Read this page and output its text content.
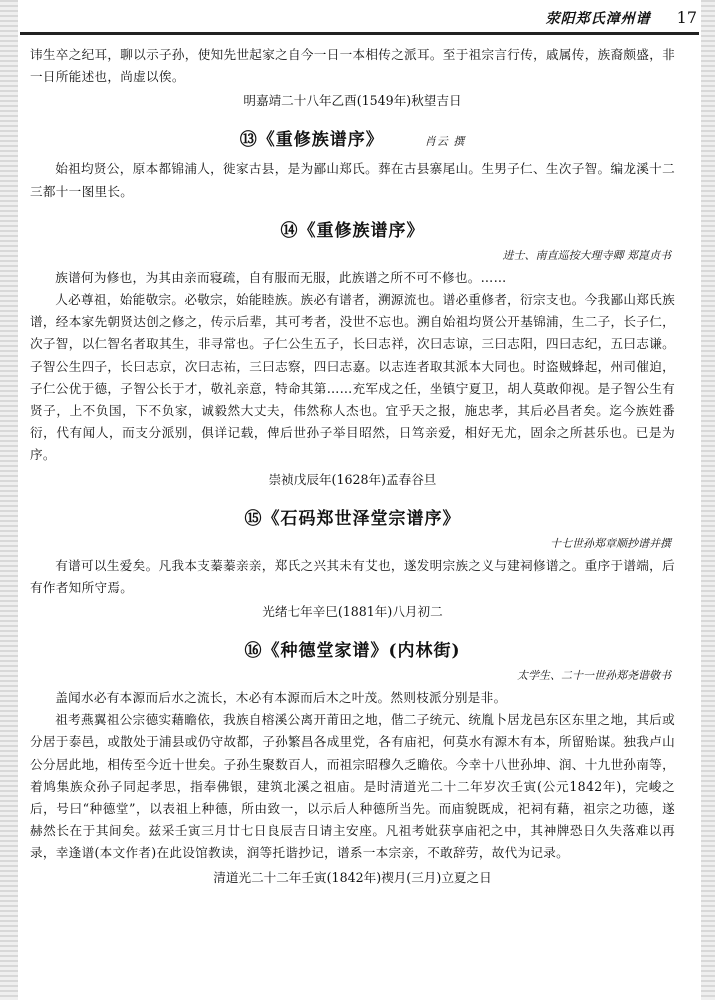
荥阳郑氏漳州谱 17

讳生卒之纪耳，聊以示子孙，使知先世起家之自今一日一本相传之派耳。至于祖宗言行传，戚属传，族裔颇盛，非一日所能述也，尚虚以俟。

明嘉靖二十八年乙酉(1549年)秋望吉日
⑬《重修族谱序》	肖云 撰

始祖均贤公，原本都锦浦人，徙家古县，是为鄙山郑氏。葬在古县寨尾山。生男子仁、生次子智。编龙溪十二三都十一图里长。

⑭《重修族谱序》
进士、南直巡按大理寺卿 郑崑贞书

族谱何为修也，为其由亲而寝疏，自有服而无服，此族谱之所不可不修也。……

人必尊祖，始能敬宗。必敬宗，始能睦族。族必有谱者，溯源流也。谱必重修者，衍宗支也。今我鄙山郑氏族谱，经本家先朝贤达创之修之，传示后辈，其可考者，没世不忘也。溯自始祖均贤公开基锦浦，生二子，长子仁，次子智，以仁智名者取其生，非寻常也。子仁公生五子，长曰志祥，次曰志谅，三曰志阳，四曰志纪，五曰志谦。子智公生四子，长曰志京，次曰志祐，三曰志察，四曰志嘉。以志连者取其派本大同也。时盗贼蜂起，州司催迫，子仁公优于德，子智公长于才，敬礼亲意，特命其第……充军戍之任，坐镇宁夏卫，胡人莫敢仰视。是子智公生有贤子，上不负国，下不负家，诚毅然大丈夫，伟然称人杰也。宜乎天之报，施忠孝，其后必昌者矣。迄今族姓番衍，代有闻人，而支分派别，俱详记载，俾后世孙子举目昭然，日笃亲爱，相好无尤，固余之所甚乐也。已是为序。

崇祯戊辰年(1628年)孟春谷旦
⑮《石码郑世泽堂宗谱序》
十七世孙郑章顺抄谱并撰

有谱可以生爱矣。凡我本支蓁蓁亲亲，郑氏之兴其未有艾也，遂发明宗族之义与建祠修谱之。重序于谱端，后有作者知所守焉。

光绪七年辛巳(1881年)八月初二
⑯《种德堂家谱》(内林街)
太学生、二十一世孙郑尧谐敬书

盖闻水必有本源而后水之流长，木必有本源而后木之叶茂。然则枝派分别是非。

祖考燕翼祖公宗德实藉瞻依，我族自榕溪公离开莆田之地，偕二子统元、统胤卜居龙邑东区东里之地，其后或分居于泰邑，或散处于浦县或仍守故都，子孙繁昌各成里党，各有庙祀，何莫水有源木有本，所留贻谋。独我卢山公分居此地，相传至今近十世矣。子孙生聚数百人，而祖宗昭穆久乏瞻依。今幸十八世孙坤、润、十九世孙南等，着鸠集族众孙子同起孝思，指奉佛银，建筑北溪之祖庙。是时清道光二十二年岁次壬寅(公元1842年)，完峻之后，号曰“种德堂”，以表祖上种德，所由致一，以示后人种德所当先。而庙貌既成，祀祠有藉，祖宗之功德，遂赫然长在于其间矣。兹采壬寅三月廿七日良辰吉日请主安座。凡祖考妣获享庙祀之中，其神牌恐日久失落难以再录，幸逢谱(本文作者)在此设馆教读，润等托谐抄记，谱系一本宗亲，不敢辞劳，故代为记录。

清道光二十二年壬寅(1842年)禊月(三月)立夏之日
